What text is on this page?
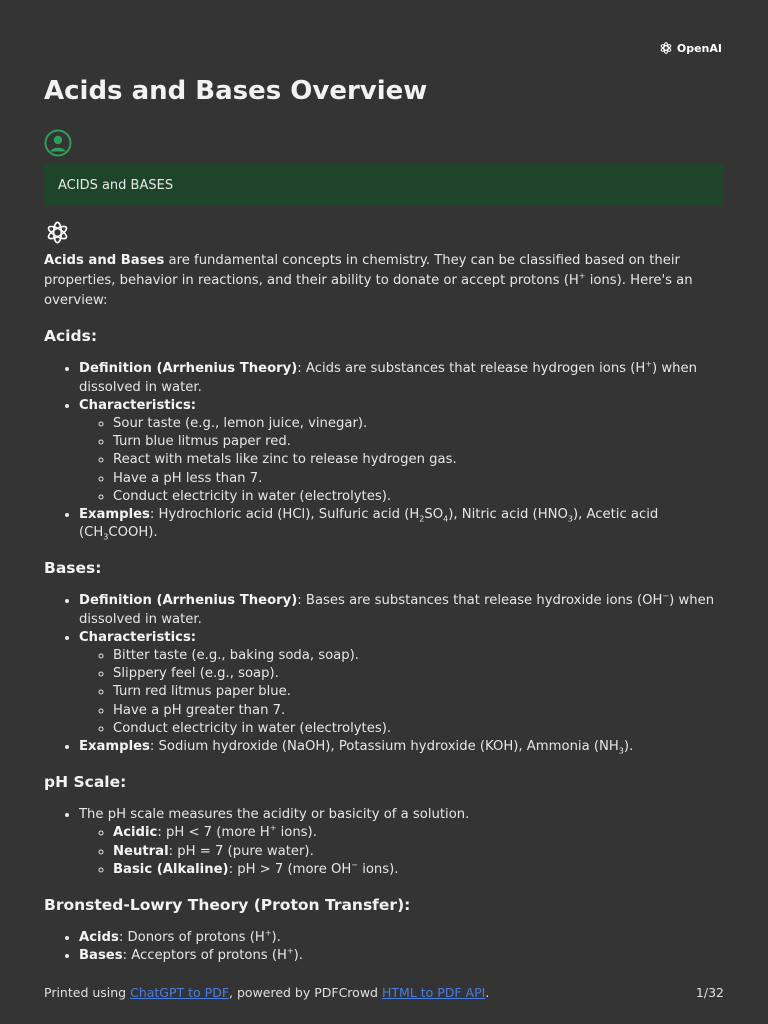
OpenAI
Acids and Bases Overview
ACIDS and BASES

Acids and Bases are fundamental concepts in chemistry. They can be classified based on their properties, behavior in reactions, and their ability to donate or accept protons (H+ ions). Here's an overview:

Acids:
• Definition (Arrhenius Theory): Acids are substances that release hydrogen ions (H+) when dissolved in water.
• Characteristics:
◦ Sour taste (e.g., lemon juice, vinegar).
◦ Turn blue litmus paper red.
◦ React with metals like zinc to release hydrogen gas.
◦ Have a pH less than 7.
◦ Conduct electricity in water (electrolytes).
• Examples: Hydrochloric acid (HCl), Sulfuric acid $(H_2SO_4)$, Nitric acid $(HNO_3)$, Acetic acid $(CH_3COOH)$.
Bases:
• Definition (Arrhenius Theory): Bases are substances that release hydroxide ions (OH−) when dissolved in water.
• Characteristics:
◦ Bitter taste (e.g., baking soda, soap).
◦ Slippery feel (e.g., soap).
◦ Turn red litmus paper blue.
◦ Have a pH greater than 7.
◦ Conduct electricity in water (electrolytes).
• Examples: Sodium hydroxide (NaOH), Potassium hydroxide (KOH), Ammonia $(NH_3)$.
pH Scale:
• The pH scale measures the acidity or basicity of a solution.
◦ Acidic: pH < 7 (more H+ ions).
◦ Neutral: pH = 7 (pure water).
◦ Basic (Alkaline): pH > 7 (more OH− ions).
Bronsted-Lowry Theory (Proton Transfer):
• Acids: Donors of protons (H+).
• Bases: Acceptors of protons (H+).
Printed using ChatGPT to PDF, powered by PDFCrowd HTML to PDF API.	1/32
